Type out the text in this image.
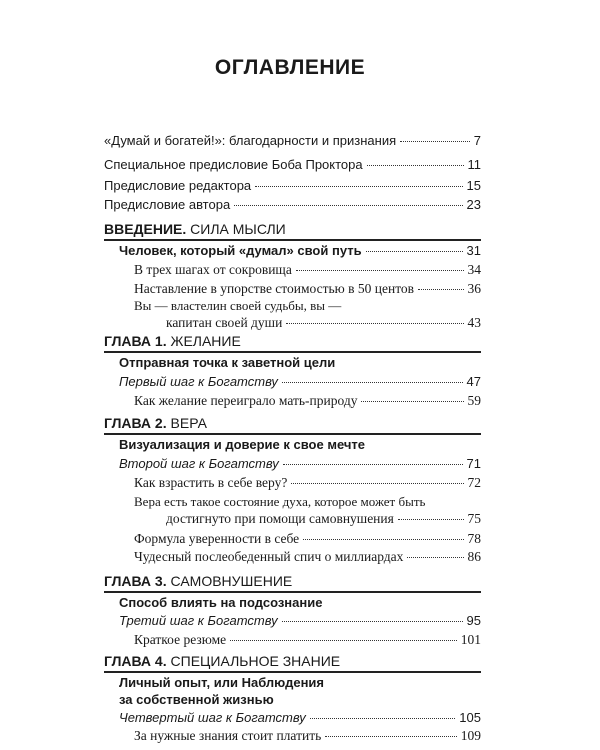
ОГЛАВЛЕНИЕ
«Думай и богатей!»: благодарности и признания	7
Специальное предисловие Боба Проктора	11
Предисловие редактора	15
Предисловие автора	23
ВВЕДЕНИЕ. СИЛА МЫСЛИ
Человек, который «думал» свой путь	31
В трех шагах от сокровища	34
Наставление в упорстве стоимостью в 50 центов	36
Вы — властелин своей судьбы, вы —
капитан своей души	43
ГЛАВА 1. ЖЕЛАНИЕ
Отправная точка к заветной цели
Первый шаг к Богатству	47
Как желание переиграло мать-природу	59
ГЛАВА 2. ВЕРА
Визуализация и доверие к свое мечте
Второй шаг к Богатству	71
Как взрастить в себе веру?	72
Вера есть такое состояние духа, которое может быть
достигнуто при помощи самовнушения	75
Формула уверенности в себе	78
Чудесный послеобеденный спич о миллиардах	86
ГЛАВА 3. САМОВНУШЕНИЕ
Способ влиять на подсознание
Третий шаг к Богатству	95
Краткое резюме	101
ГЛАВА 4. СПЕЦИАЛЬНОЕ ЗНАНИЕ
Личный опыт, или Наблюдения
за собственной жизнью
Четвертый шаг к Богатству	105
За нужные знания стоит платить	109
